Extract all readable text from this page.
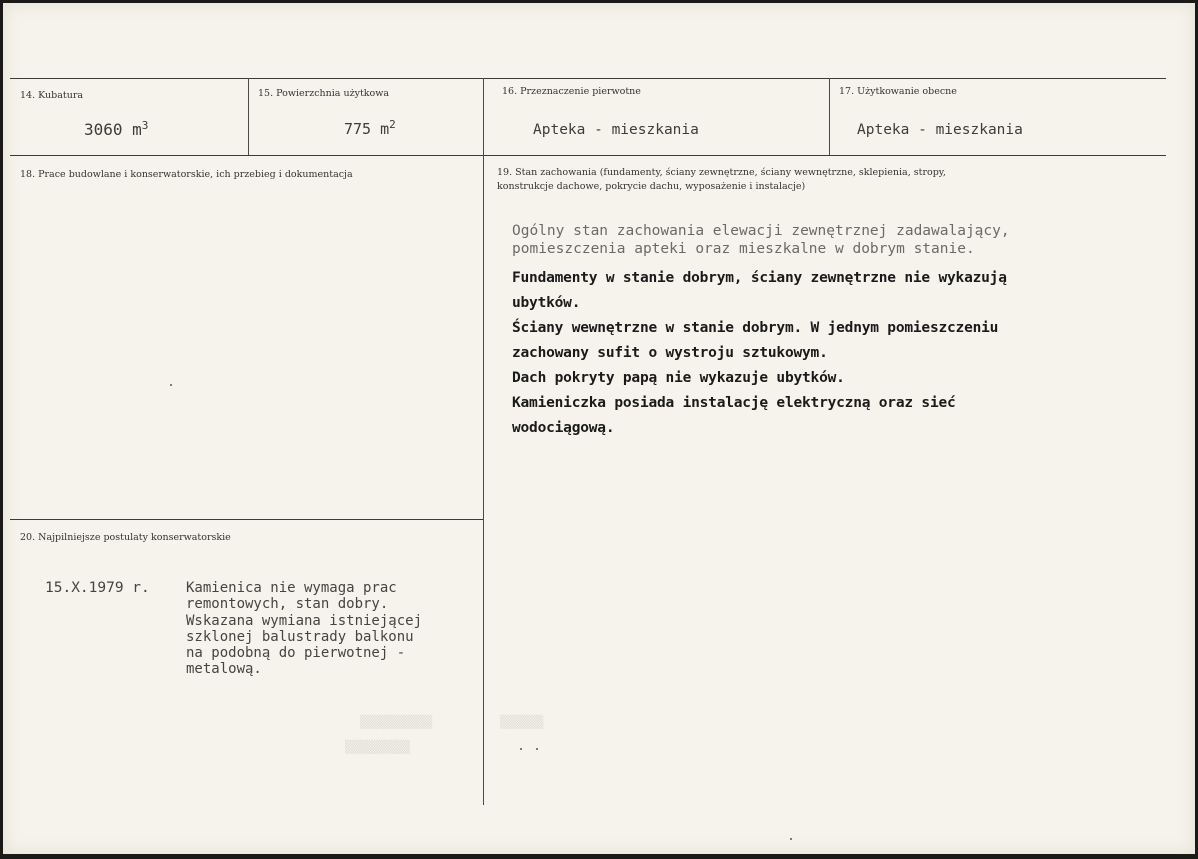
14. Kubatura
3060 $m^3$
15. Powierzchnia użytkowa
775 $m^2$
16. Przeznaczenie pierwotne
Apteka - mieszkania
17. Użytkowanie obecne
Apteka - mieszkania
18. Prace budowlane i konserwatorskie, ich przebieg i dokumentacja	19. Stan zachowania (fundamenty, ściany zewnętrzne, ściany wewnętrzne, sklepienia, stropy,
konstrukcje dachowe, pokrycie dachu, wyposażenie i instalacje)
Ogólny stan zachowania elewacji zewnętrznej zadawalający,
pomieszczenia apteki oraz mieszkalne w dobrym stanie.
Fundamenty w stanie dobrym, ściany zewnętrzne nie wykazują
ubytków.
Ściany wewnętrzne w stanie dobrym. W jednym pomieszczeniu
zachowany sufit o wystroju sztukowym.
Dach pokryty papą nie wykazuje ubytków.
Kamieniczka posiada instalację elektryczną oraz sieć
wodociągową.
20. Najpilniejsze postulaty konserwatorskie
15.X.1979 r.	Kamienica nie wymaga prac
remontowych, stan dobry.
Wskazana wymiana istniejącej
szklonej balustrady balkonu
na podobną do pierwotnej -
metalową.
▒▒▒▒▒▒▒▒▒▒	▒▒▒▒▒▒
▒▒▒▒▒▒▒▒▒
